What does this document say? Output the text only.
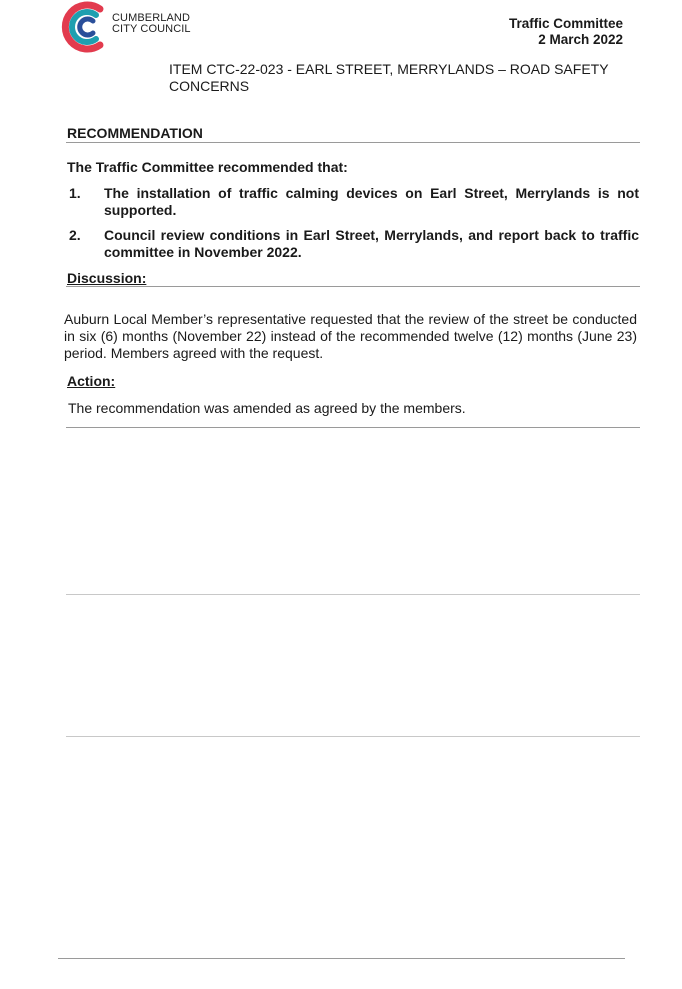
CUMBERLAND
CITY COUNCIL	Traffic Committee
2 March 2022
ITEM CTC-22-023 - EARL STREET, MERRYLANDS – ROAD SAFETY CONCERNS
RECOMMENDATION
The Traffic Committee recommended that:
1. The installation of traffic calming devices on Earl Street, Merrylands is not supported.
2. Council review conditions in Earl Street, Merrylands, and report back to traffic committee in November 2022.
Discussion:
Auburn Local Member’s representative requested that the review of the street be conducted in six (6) months (November 22) instead of the recommended twelve (12) months (June 23) period. Members agreed with the request.
Action:
The recommendation was amended as agreed by the members.
